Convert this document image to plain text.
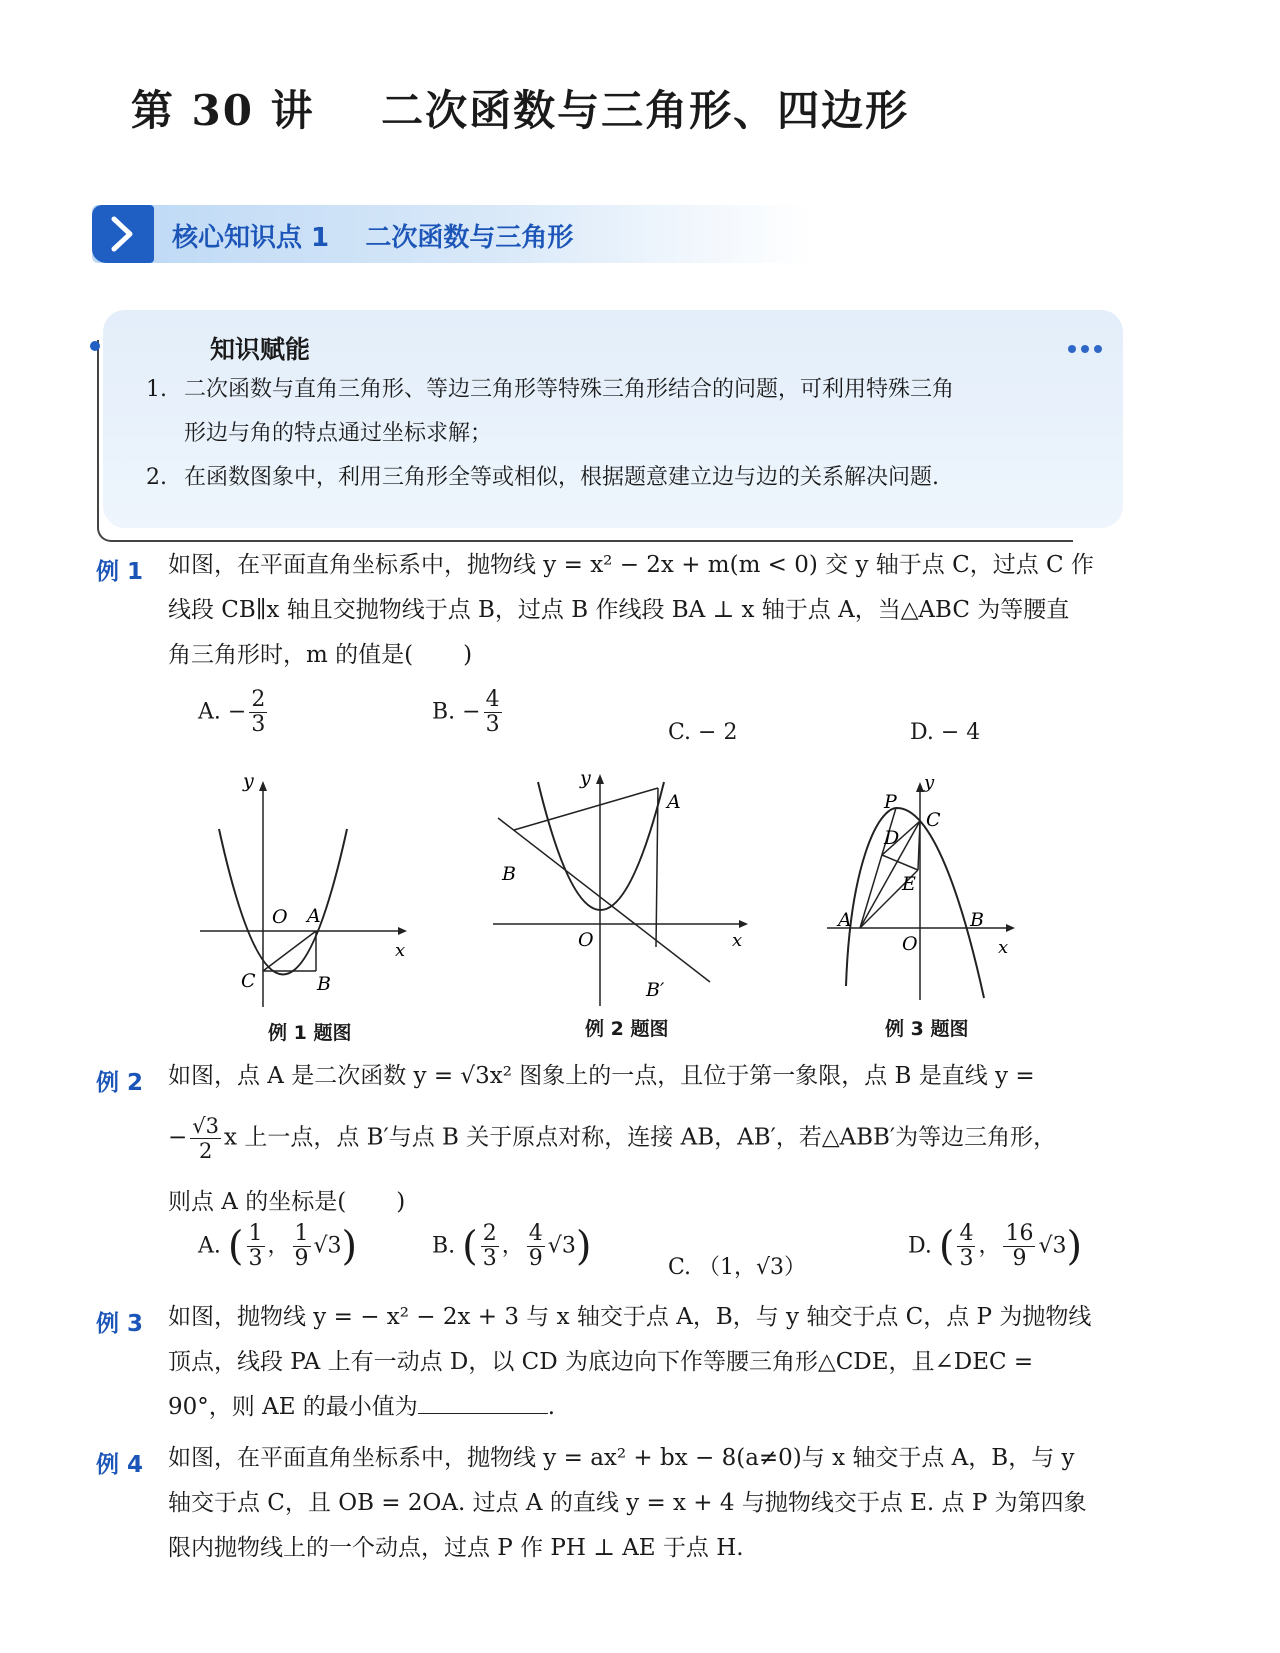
第 30 讲    二次函数与三角形、四边形
核心知识点 1    二次函数与三角形
知识赋能
1. 二次函数与直角三角形、等边三角形等特殊三角形结合的问题，可利用特殊三角
形边与角的特点通过坐标求解；
2. 在函数图象中，利用三角形全等或相似，根据题意建立边与边的关系解决问题.
例 1 如图，在平面直角坐标系中，抛物线 y = x² − 2x + m(m < 0) 交 y 轴于点 C，过点 C 作
线段 CB∥x 轴且交抛物线于点 B，过点 B 作线段 BA ⊥ x 轴于点 A，当△ABC 为等腰直
角三角形时，m 的值是( )
A. − $\frac{2}{3}$	B. − $\frac{4}{3}$	C. − 2	D. − 4
y
x
O A
B
C
例 1 题图
y
x
O
A
B
B′
例 2 题图
y
x
O
A	B
C
P
D
E
例 3 题图
例 2 如图，点 A 是二次函数 y = √3x² 图象上的一点，且位于第一象限，点 B 是直线 y =
− $\frac{√3}{2}$ x 上一点，点 B′与点 B 关于原点对称，连接 AB，AB′，若△ABB′为等边三角形，
则点 A 的坐标是( )
A. ( $\frac{1}{3}$ ， $\frac{1}{9} √3$)	B. ( $\frac{2}{3}$ ， $\frac{4}{9} √3$)	C. （1，√3）
D. ( $\frac{4}{3}$ ， $\frac{16}{9} √3$)
例 3 如图，抛物线 y = − x² − 2x + 3 与 x 轴交于点 A，B，与 y 轴交于点 C，点 P 为抛物线
顶点，线段 PA 上有一动点 D，以 CD 为底边向下作等腰三角形△CDE，且∠DEC =
90°，则 AE 的最小值为	.
例 4 如图，在平面直角坐标系中，抛物线 y = ax² + bx − 8(a≠0)与 x 轴交于点 A，B，与 y
轴交于点 C，且 OB = 2OA. 过点 A 的直线 y = x + 4 与抛物线交于点 E. 点 P 为第四象
限内抛物线上的一个动点，过点 P 作 PH ⊥ AE 于点 H.
